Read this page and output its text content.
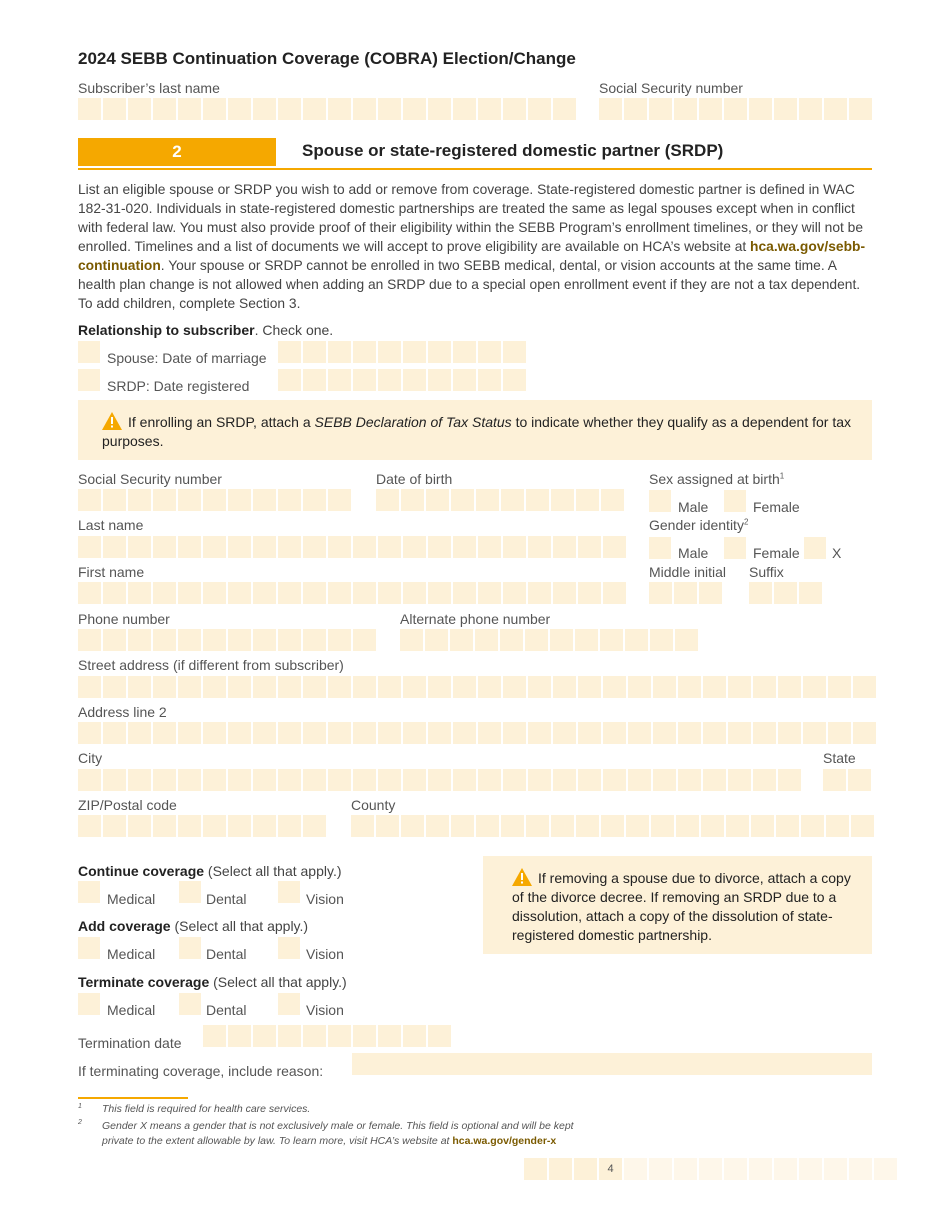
2024 SEBB Continuation Coverage (COBRA) Election/Change
Subscriber’s last name	Social Security number
2	Spouse or state-registered domestic partner (SRDP)
List an eligible spouse or SRDP you wish to add or remove from coverage. State-registered domestic partner is defined in WAC 182-31-020. Individuals in state-registered domestic partnerships are treated the same as legal spouses except when in conflict with federal law. You must also provide proof of their eligibility within the SEBB Program’s enrollment timelines, or they will not be enrolled. Timelines and a list of documents we will accept to prove eligibility are available on HCA’s website at hca.wa.gov/sebb-continuation. Your spouse or SRDP cannot be enrolled in two SEBB medical, dental, or vision accounts at the same time. A health plan change is not allowed when adding an SRDP due to a special open enrollment event if they are not a tax dependent. To add children, complete Section 3.
Relationship to subscriber. Check one.
Spouse: Date of marriage
SRDP: Date registered
If enrolling an SRDP, attach a SEBB Declaration of Tax Status to indicate whether they qualify as a dependent for tax purposes.
Social Security number	Date of birth	Sex assigned at birth$^1$
Male	Female
Last name	Gender identity$^2$
Male	Female X
First name	Middle initial Suffix
Phone number	Alternate phone number
Street address (if different from subscriber)
Address line 2
City	State
ZIP/Postal code	County
Continue coverage (Select all that apply.)
Medical	Dental	Vision
Add coverage (Select all that apply.)
Medical	Dental	Vision
Terminate coverage (Select all that apply.)
Medical	Dental	Vision
Termination date
If terminating coverage, include reason:
If removing a spouse due to divorce, attach a copy of the divorce decree. If removing an SRDP due to a dissolution, attach a copy of the dissolution of state-registered domestic partnership.
$^1$ This field is required for health care services.
$^2$ Gender X means a gender that is not exclusively male or female. This field is optional and will be kept private to the extent allowable by law. To learn more, visit HCA’s website at hca.wa.gov/gender-x
4
